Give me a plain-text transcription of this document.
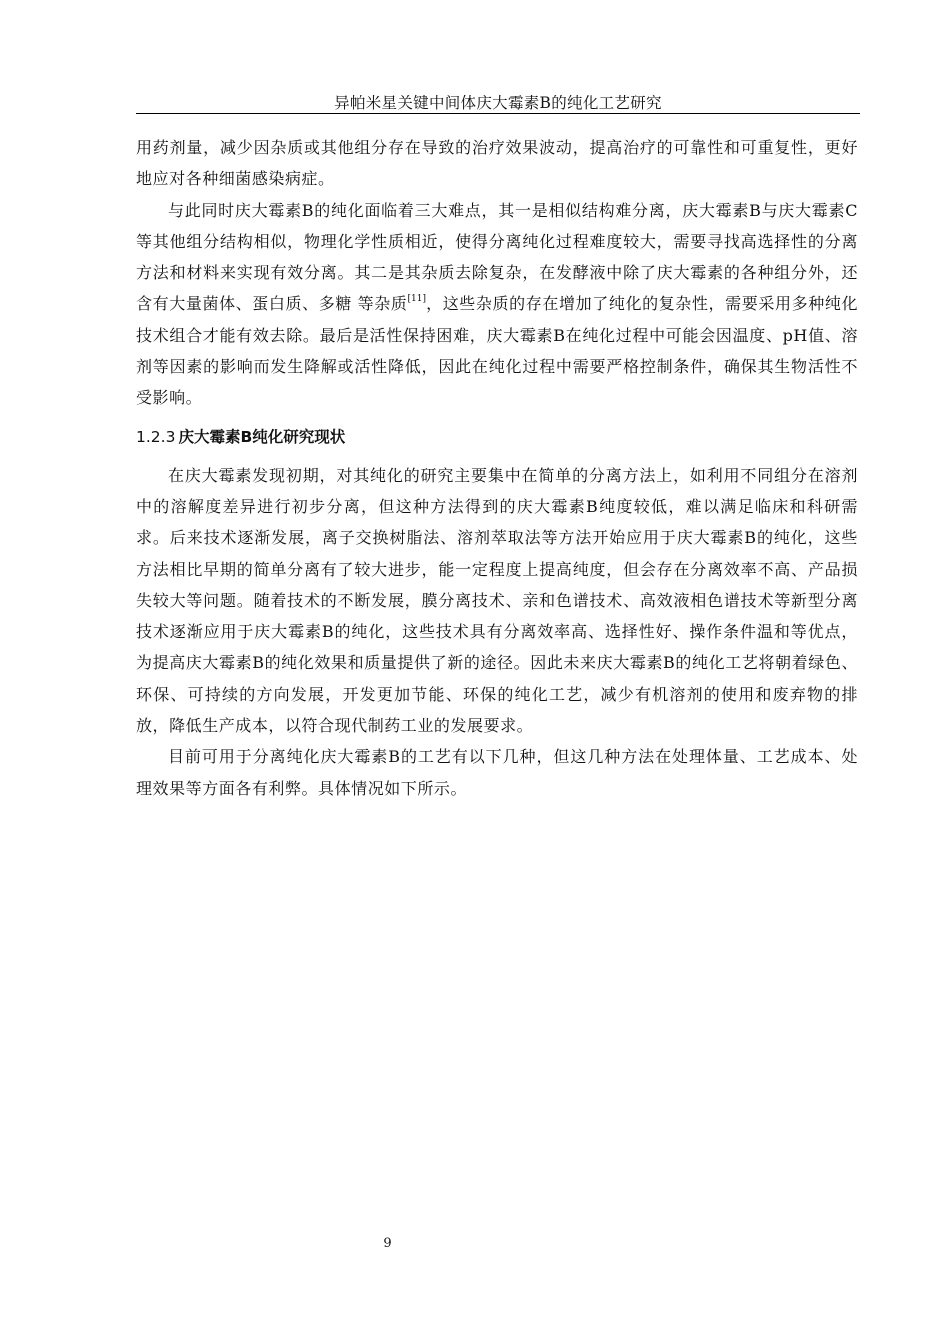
异帕米星关键中间体庆大霉素B的纯化工艺研究

用药剂量，减少因杂质或其他组分存在导致的治疗效果波动，提高治疗的可靠性和可重复性，更好地应对各种细菌感染病症。

与此同时庆大霉素B的纯化面临着三大难点，其一是相似结构难分离，庆大霉素B与庆大霉素C等其他组分结构相似，物理化学性质相近，使得分离纯化过程难度较大，需要寻找高选择性的分离方法和材料来实现有效分离。其二是其杂质去除复杂，在发酵液中除了庆大霉素的各种组分外，还含有大量菌体、蛋白质、多糖 等杂质[11]，这些杂质的存在增加了纯化的复杂性，需要采用多种纯化技术组合才能有效去除。最后是活性保持困难，庆大霉素B在纯化过程中可能会因温度、pH值、溶剂等因素的影响而发生降解或活性降低，因此在纯化过程中需要严格控制条件，确保其生物活性不受影响。

1.2.3 庆大霉素B纯化研究现状

在庆大霉素发现初期，对其纯化的研究主要集中在简单的分离方法上，如利用不同组分在溶剂中的溶解度差异进行初步分离，但这种方法得到的庆大霉素B纯度较低，难以满足临床和科研需求。后来技术逐渐发展，离子交换树脂法、溶剂萃取法等方法开始应用于庆大霉素B的纯化，这些方法相比早期的简单分离有了较大进步，能一定程度上提高纯度，但会存在分离效率不高、产品损失较大等问题。随着技术的不断发展，膜分离技术、亲和色谱技术、高效液相色谱技术等新型分离技术逐渐应用于庆大霉素B的纯化，这些技术具有分离效率高、选择性好、操作条件温和等优点，为提高庆大霉素B的纯化效果和质量提供了新的途径。因此未来庆大霉素B的纯化工艺将朝着绿色、环保、可持续的方向发展，开发更加节能、环保的纯化工艺，减少有机溶剂的使用和废弃物的排放，降低生产成本，以符合现代制药工业的发展要求。

目前可用于分离纯化庆大霉素B的工艺有以下几种，但这几种方法在处理体量、工艺成本、处理效果等方面各有利弊。具体情况如下所示。

9
